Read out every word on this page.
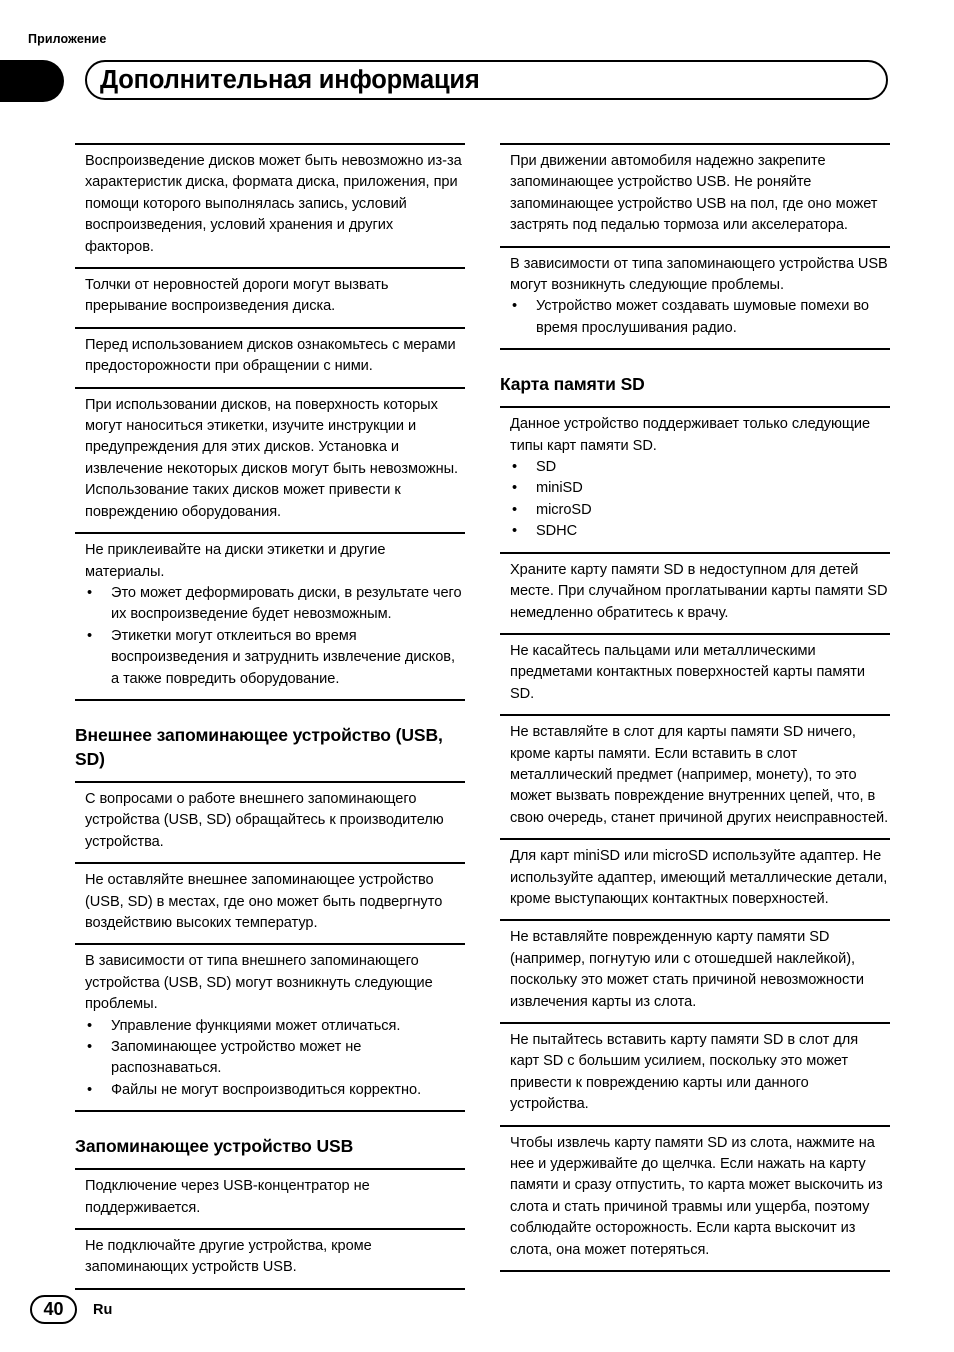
Приложение
Дополнительная информация

Воспроизведение дисков может быть невозможно из-за характеристик диска, формата диска, приложения, при помощи которого выполнялась запись, условий воспроизведения, условий хранения и других факторов.

Толчки от неровностей дороги могут вызвать прерывание воспроизведения диска.

Перед использованием дисков ознакомьтесь с мерами предосторожности при обращении с ними.

При использовании дисков, на поверхность которых могут наноситься этикетки, изучите инструкции и предупреждения для этих дисков. Установка и извлечение некоторых дисков могут быть невозможны. Использование таких дисков может привести к повреждению оборудования.

Не приклеивайте на диски этикетки и другие материалы.

• Это может деформировать диски, в результате чего их воспроизведение будет невозможным.
• Этикетки могут отклеиться во время воспроизведения и затруднить извлечение дисков, а также повредить оборудование.
Внешнее запоминающее устройство (USB, SD)

С вопросами о работе внешнего запоминающего устройства (USB, SD) обращайтесь к производителю устройства.

Не оставляйте внешнее запоминающее устройство (USB, SD) в местах, где оно может быть подвергнуто воздействию высоких температур.

В зависимости от типа внешнего запоминающего устройства (USB, SD) могут возникнуть следующие проблемы.

• Управление функциями может отличаться.
• Запоминающее устройство может не распознаваться.
• Файлы не могут воспроизводиться корректно.
Запоминающее устройство USB

Подключение через USB-концентратор не поддерживается.

Не подключайте другие устройства, кроме запоминающих устройств USB.

При движении автомобиля надежно закрепите запоминающее устройство USB. Не роняйте запоминающее устройство USB на пол, где оно может застрять под педалью тормоза или акселератора.

В зависимости от типа запоминающего устройства USB могут возникнуть следующие проблемы.

• Устройство может создавать шумовые помехи во время прослушивания радио.
Карта памяти SD

Данное устройство поддерживает только следующие типы карт памяти SD.

• SD
• miniSD
• microSD
• SDHC

Храните карту памяти SD в недоступном для детей месте. При случайном проглатывании карты памяти SD немедленно обратитесь к врачу.

Не касайтесь пальцами или металлическими предметами контактных поверхностей карты памяти SD.

Не вставляйте в слот для карты памяти SD ничего, кроме карты памяти. Если вставить в слот металлический предмет (например, монету), то это может вызвать повреждение внутренних цепей, что, в свою очередь, станет причиной других неисправностей.

Для карт miniSD или microSD используйте адаптер. Не используйте адаптер, имеющий металлические детали, кроме выступающих контактных поверхностей.

Не вставляйте поврежденную карту памяти SD (например, погнутую или с отошедшей наклейкой), поскольку это может стать причиной невозможности извлечения карты из слота.

Не пытайтесь вставить карту памяти SD в слот для карт SD с большим усилием, поскольку это может привести к повреждению карты или данного устройства.

Чтобы извлечь карту памяти SD из слота, нажмите на нее и удерживайте до щелчка. Если нажать на карту памяти и сразу отпустить, то карта может выскочить из слота и стать причиной травмы или ущерба, поэтому соблюдайте осторожность. Если карта выскочит из слота, она может потеряться.

40	Ru
